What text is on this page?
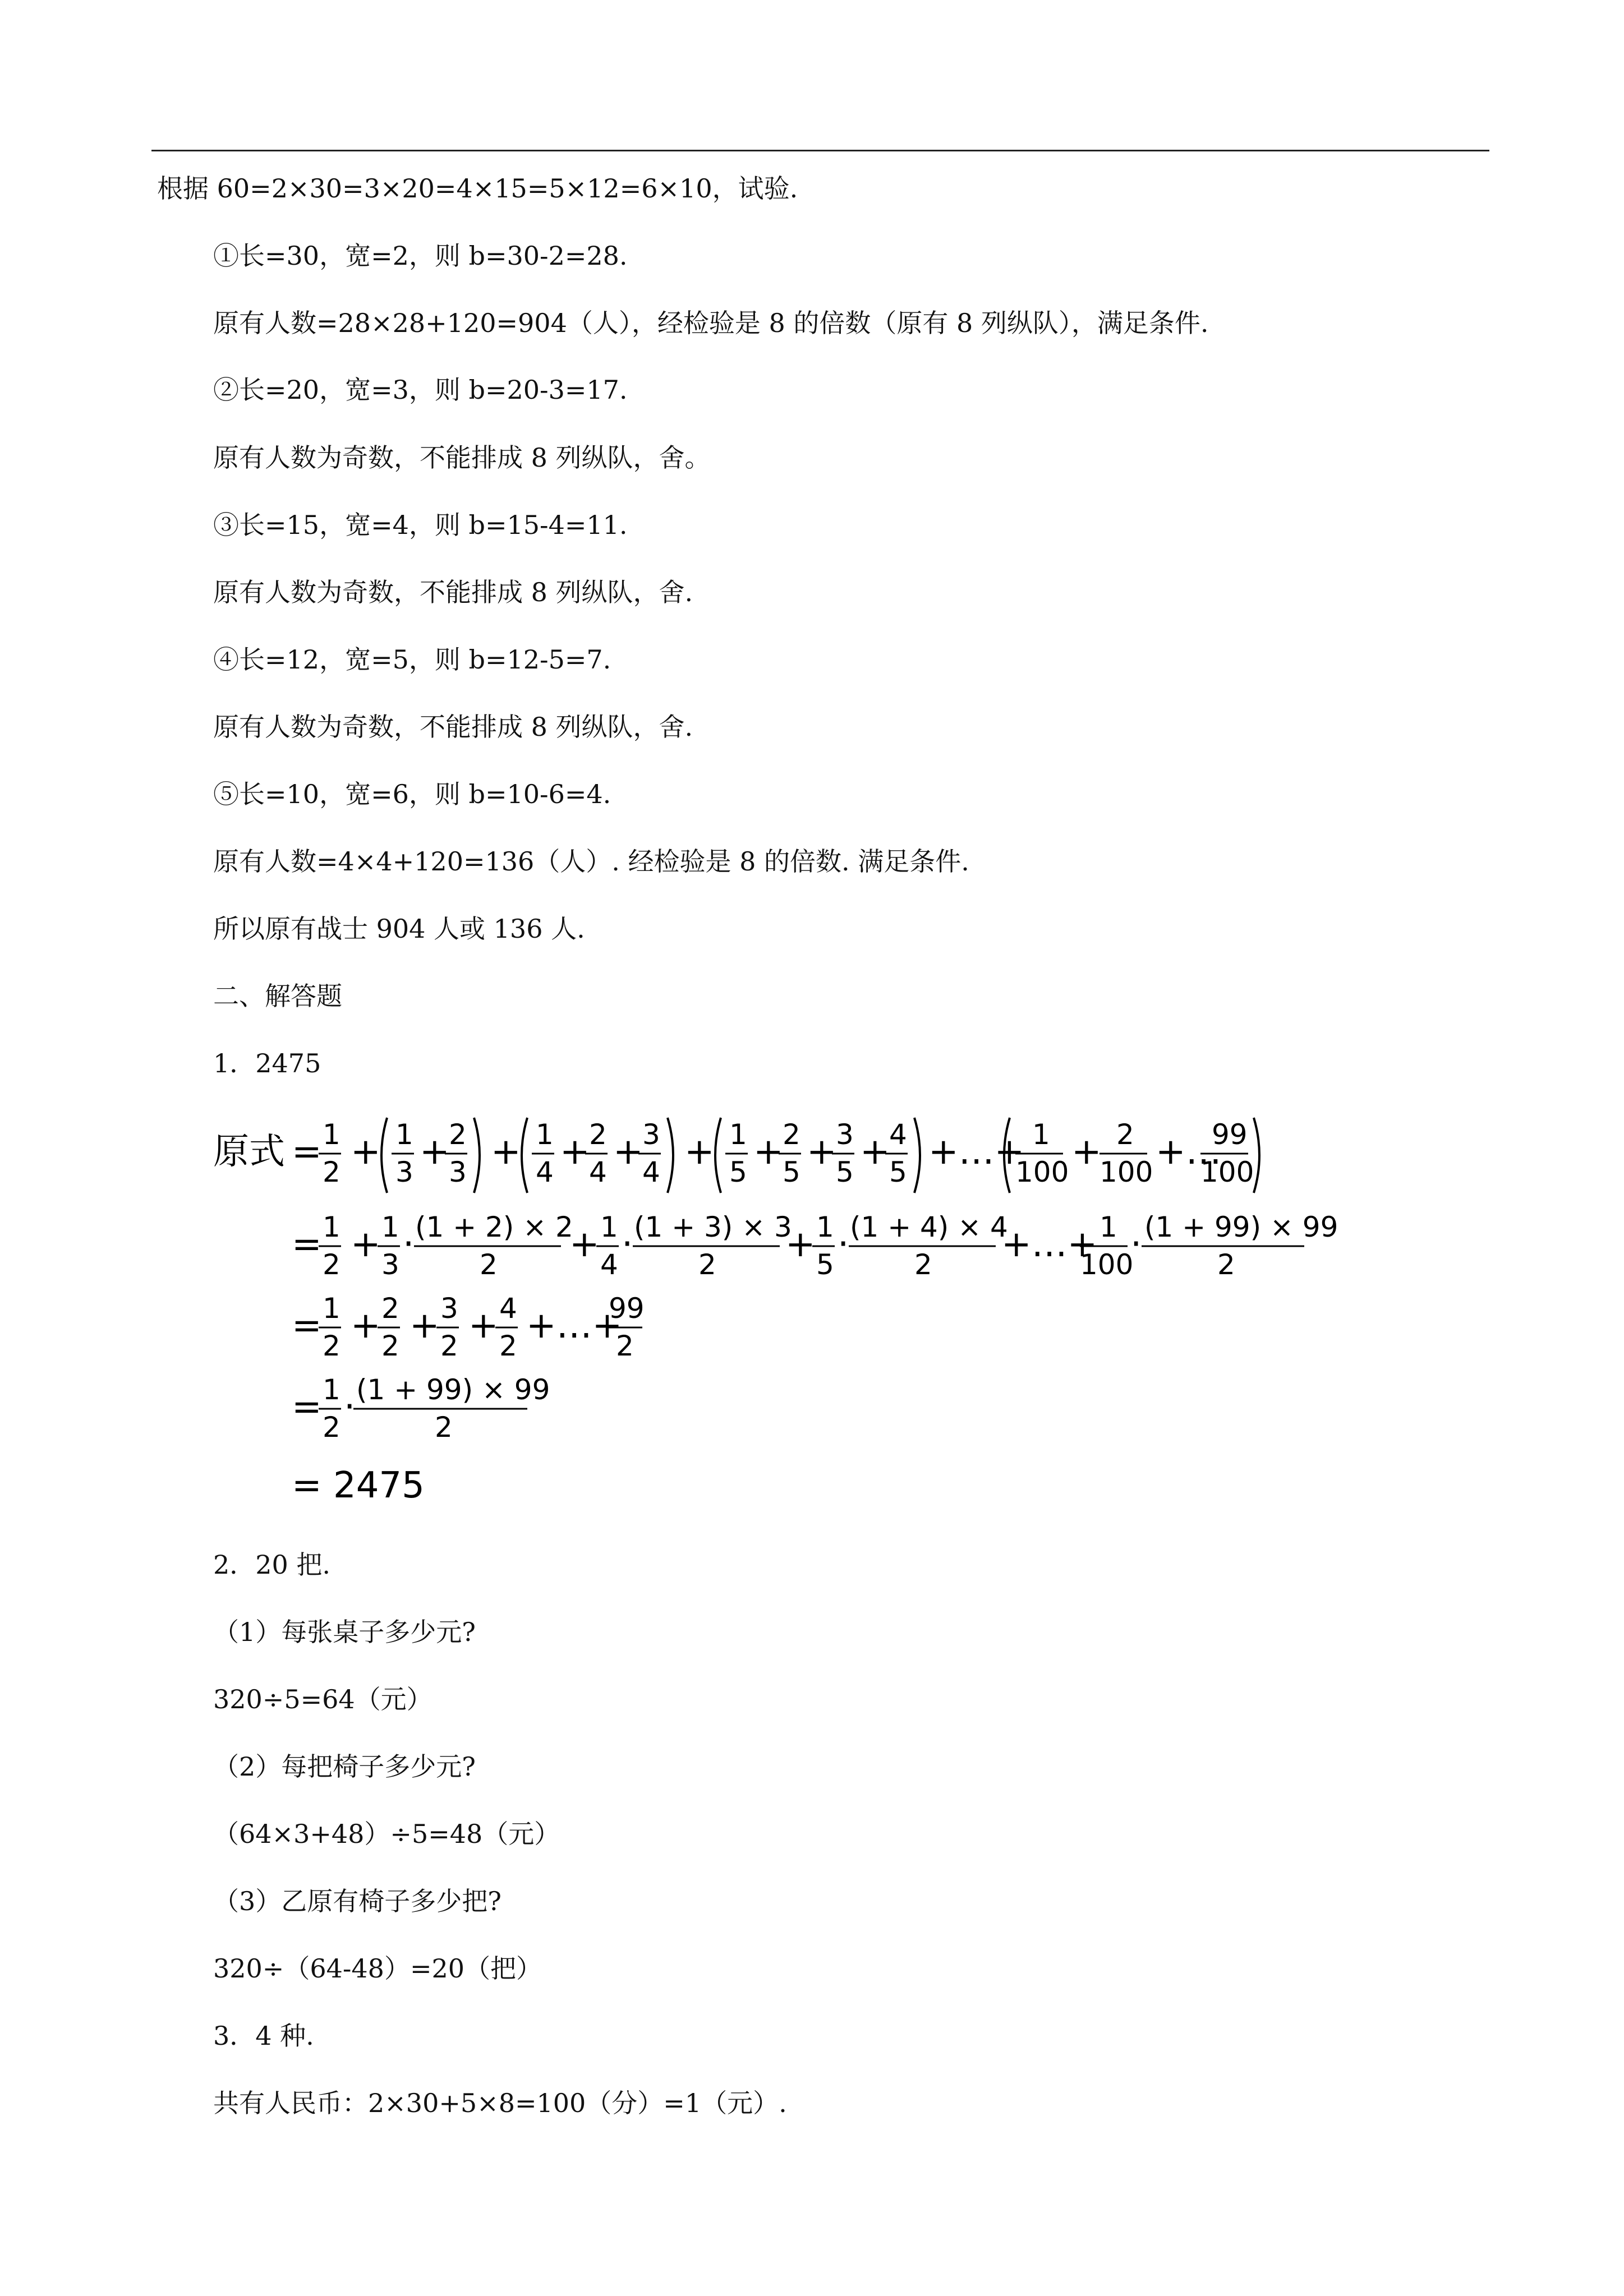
根据 60=2×30=3×20=4×15=5×12=6×10，试验.
①长=30，宽=2，则 b=30-2=28.
原有人数=28×28+120=904（人），经检验是 8 的倍数（原有 8 列纵队），满足条件.
②长=20，宽=3，则 b=20-3=17.
原有人数为奇数，不能排成 8 列纵队，舍。
③长=15，宽=4，则 b=15-4=11.
原有人数为奇数，不能排成 8 列纵队，舍.
④长=12，宽=5，则 b=12-5=7.
原有人数为奇数，不能排成 8 列纵队，舍.
⑤长=10，宽=6，则 b=10-6=4.
原有人数=4×4+120=136（人）. 经检验是 8 的倍数. 满足条件.
所以原有战士 904 人或 136 人.
二、解答题
1．2475
原式 = 1
2 + 1
3 +
2
3 + 1
4 +
2
4 +
3
4 + 1
5 +
2
5 +
3
5 +
4
5 +…+ 1
100 + 2
100 +…
99
100
= 1
2 + 1
3 · (1 + 2) × 2
2 + 1
4 · (1 + 3) × 3
2 + 1
5 · (1 + 4) × 4
2 +…+ 1
100
· (1 + 99) × 99
2
= 1
2 + 2
2 + 3
2 + 4
2 +…+
99
2
= 1
2 · (1 + 99) × 99
2
= 2475
2．20 把.
（1）每张桌子多少元?
320÷5=64（元）
（2）每把椅子多少元?
（64×3+48）÷5=48（元）
（3）乙原有椅子多少把?
320÷（64-48）=20（把）
3．4 种.
共有人民币：2×30+5×8=100（分）=1（元）.
